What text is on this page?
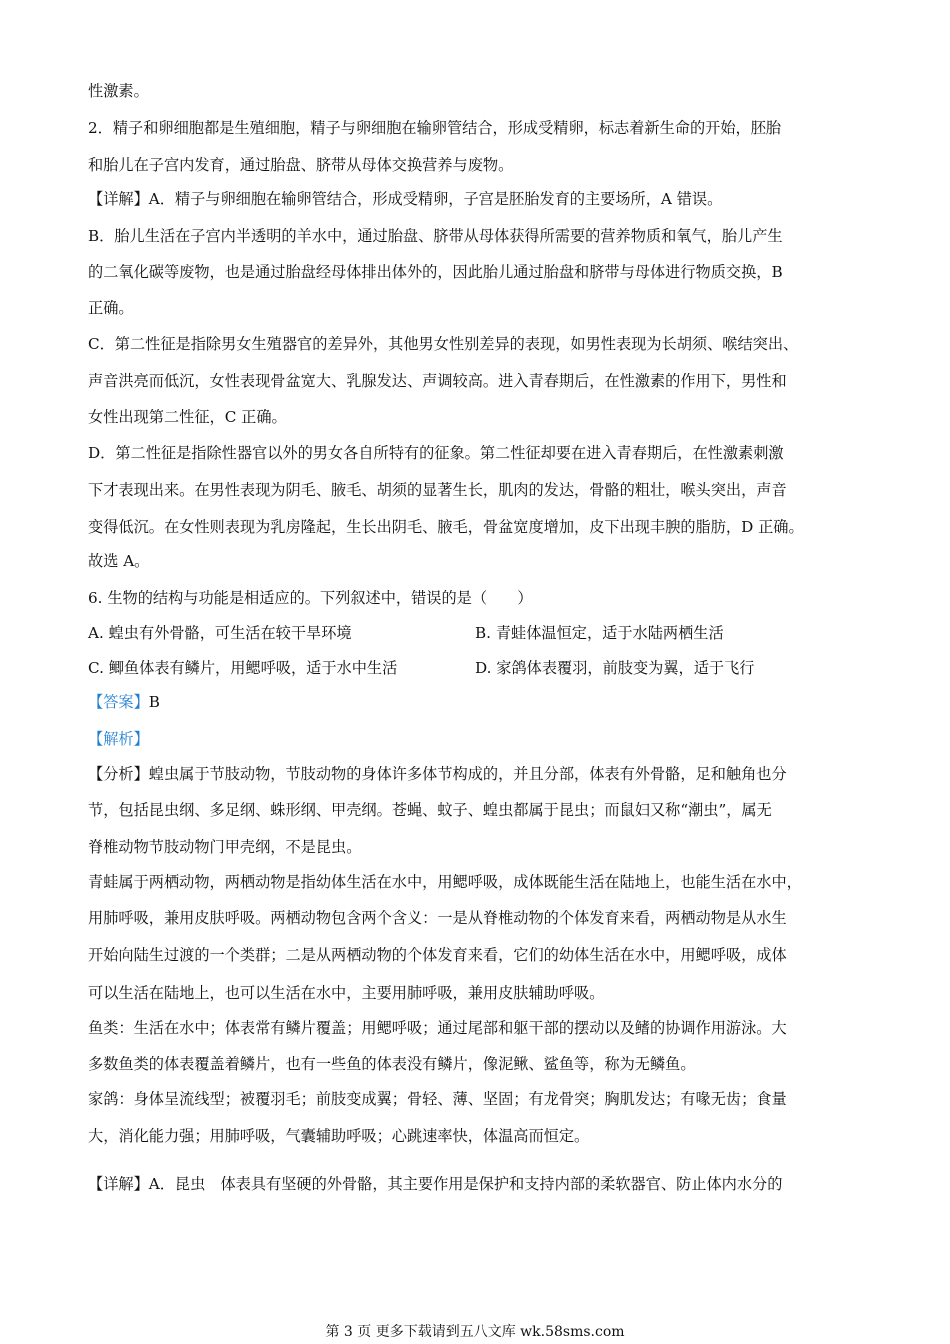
性激素。
2．精子和卵细胞都是生殖细胞，精子与卵细胞在输卵管结合，形成受精卵，标志着新生命的开始，胚胎
和胎儿在子宫内发育，通过胎盘、脐带从母体交换营养与废物。
【详解】A．精子与卵细胞在输卵管结合，形成受精卵，子宫是胚胎发育的主要场所，A 错误。
B．胎儿生活在子宫内半透明的羊水中，通过胎盘、脐带从母体获得所需要的营养物质和氧气，胎儿产生
的二氧化碳等废物，也是通过胎盘经母体排出体外的，因此胎儿通过胎盘和脐带与母体进行物质交换，B
正确。
C．第二性征是指除男女生殖器官的差异外，其他男女性别差异的表现，如男性表现为长胡须、喉结突出、
声音洪亮而低沉，女性表现骨盆宽大、乳腺发达、声调较高。进入青春期后，在性激素的作用下，男性和
女性出现第二性征，C 正确。
D．第二性征是指除性器官以外的男女各自所特有的征象。第二性征却要在进入青春期后，在性激素刺激
下才表现出来。在男性表现为阴毛、腋毛、胡须的显著生长，肌肉的发达，骨骼的粗壮，喉头突出，声音
变得低沉。在女性则表现为乳房隆起，生长出阴毛、腋毛，骨盆宽度增加，皮下出现丰腴的脂肪，D 正确。
故选 A。
6. 生物的结构与功能是相适应的。下列叙述中，错误的是（　　）
A. 蝗虫有外骨骼，可生活在较干旱环境	B. 青蛙体温恒定，适于水陆两栖生活
C. 鲫鱼体表有鳞片，用鳃呼吸，适于水中生活	D. 家鸽体表覆羽，前肢变为翼，适于飞行
【答案】B
【解析】
【分析】蝗虫属于节肢动物，节肢动物的身体许多体节构成的，并且分部，体表有外骨骼，足和触角也分
节，包括昆虫纲、多足纲、蛛形纲、甲壳纲。苍蝇、蚊子、蝗虫都属于昆虫；而鼠妇又称“潮虫”，属无
脊椎动物节肢动物门甲壳纲，不是昆虫。
青蛙属于两栖动物，两栖动物是指幼体生活在水中，用鳃呼吸，成体既能生活在陆地上，也能生活在水中，
用肺呼吸，兼用皮肤呼吸。两栖动物包含两个含义：一是从脊椎动物的个体发育来看，两栖动物是从水生
开始向陆生过渡的一个类群；二是从两栖动物的个体发育来看，它们的幼体生活在水中，用鳃呼吸，成体
可以生活在陆地上，也可以生活在水中，主要用肺呼吸，兼用皮肤辅助呼吸。
鱼类：生活在水中；体表常有鳞片覆盖；用鳃呼吸；通过尾部和躯干部的摆动以及鳍的协调作用游泳。大
多数鱼类的体表覆盖着鳞片，也有一些鱼的体表没有鳞片，像泥鳅、鲨鱼等，称为无鳞鱼。
家鸽：身体呈流线型；被覆羽毛；前肢变成翼；骨轻、薄、坚固；有龙骨突；胸肌发达；有喙无齿；食量
大，消化能力强；用肺呼吸，气囊辅助呼吸；心跳速率快，体温高而恒定。
【详解】A．昆虫　体表具有坚硬的外骨骼，其主要作用是保护和支持内部的柔软器官、防止体内水分的
第 3 页 更多下载请到五八文库 wk.58sms.com
